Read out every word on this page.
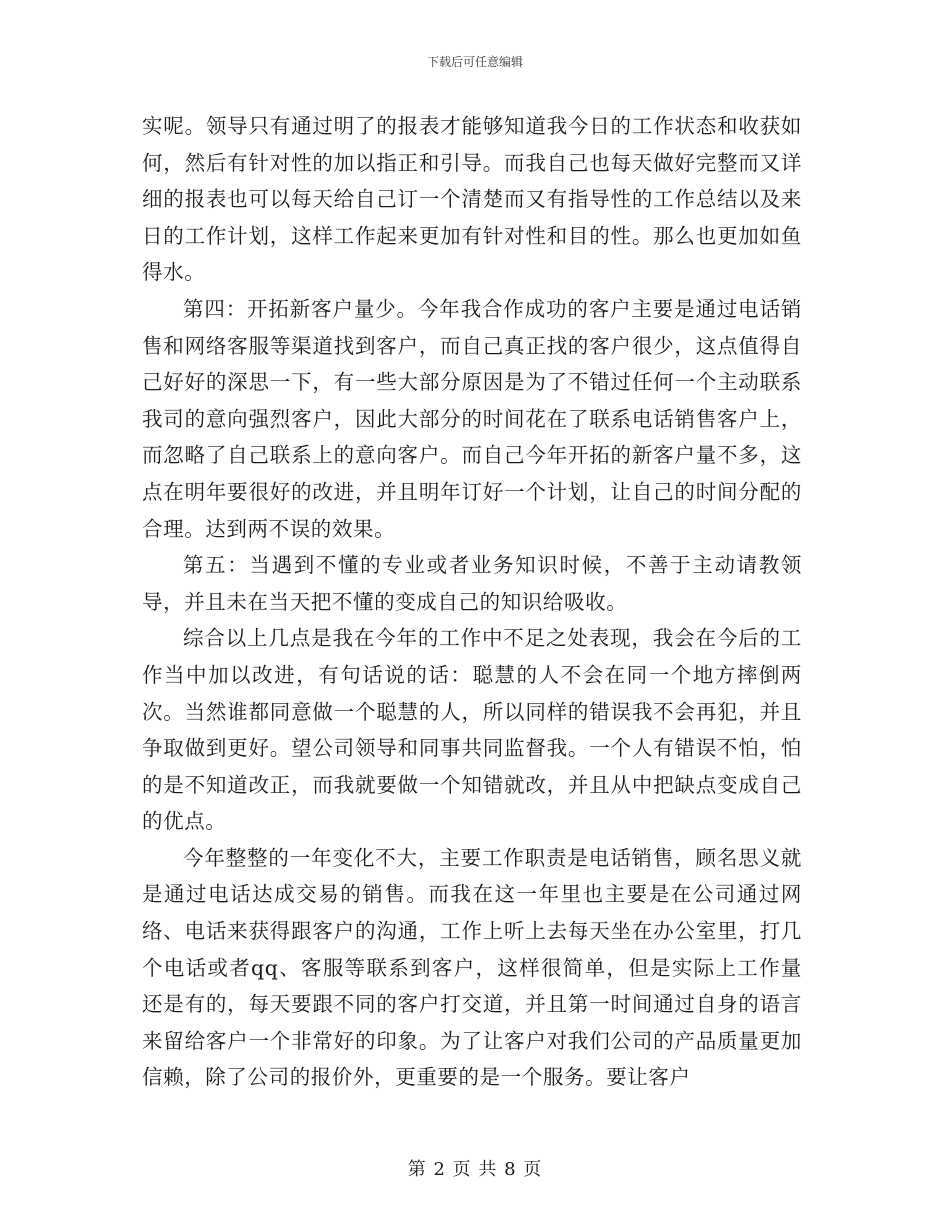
下载后可任意编辑

实呢。领导只有通过明了的报表才能够知道我今日的工作状态和收获如何，然后有针对性的加以指正和引导。而我自己也每天做好完整而又详细的报表也可以每天给自己订一个清楚而又有指导性的工作总结以及来日的工作计划，这样工作起来更加有针对性和目的性。那么也更加如鱼得水。

第四：开拓新客户量少。今年我合作成功的客户主要是通过电话销售和网络客服等渠道找到客户，而自己真正找的客户很少，这点值得自己好好的深思一下，有一些大部分原因是为了不错过任何一个主动联系我司的意向强烈客户，因此大部分的时间花在了联系电话销售客户上，而忽略了自己联系上的意向客户。而自己今年开拓的新客户量不多，这点在明年要很好的改进，并且明年订好一个计划，让自己的时间分配的合理。达到两不误的效果。

第五：当遇到不懂的专业或者业务知识时候，不善于主动请教领导，并且未在当天把不懂的变成自己的知识给吸收。

综合以上几点是我在今年的工作中不足之处表现，我会在今后的工作当中加以改进，有句话说的话：聪慧的人不会在同一个地方摔倒两次。当然谁都同意做一个聪慧的人，所以同样的错误我不会再犯，并且争取做到更好。望公司领导和同事共同监督我。一个人有错误不怕，怕的是不知道改正，而我就要做一个知错就改，并且从中把缺点变成自己的优点。

今年整整的一年变化不大，主要工作职责是电话销售，顾名思义就是通过电话达成交易的销售。而我在这一年里也主要是在公司通过网络、电话来获得跟客户的沟通，工作上听上去每天坐在办公室里，打几个电话或者qq、客服等联系到客户，这样很简单，但是实际上工作量还是有的，每天要跟不同的客户打交道，并且第一时间通过自身的语言来留给客户一个非常好的印象。为了让客户对我们公司的产品质量更加信赖，除了公司的报价外，更重要的是一个服务。要让客户

第 2 页 共 8 页
